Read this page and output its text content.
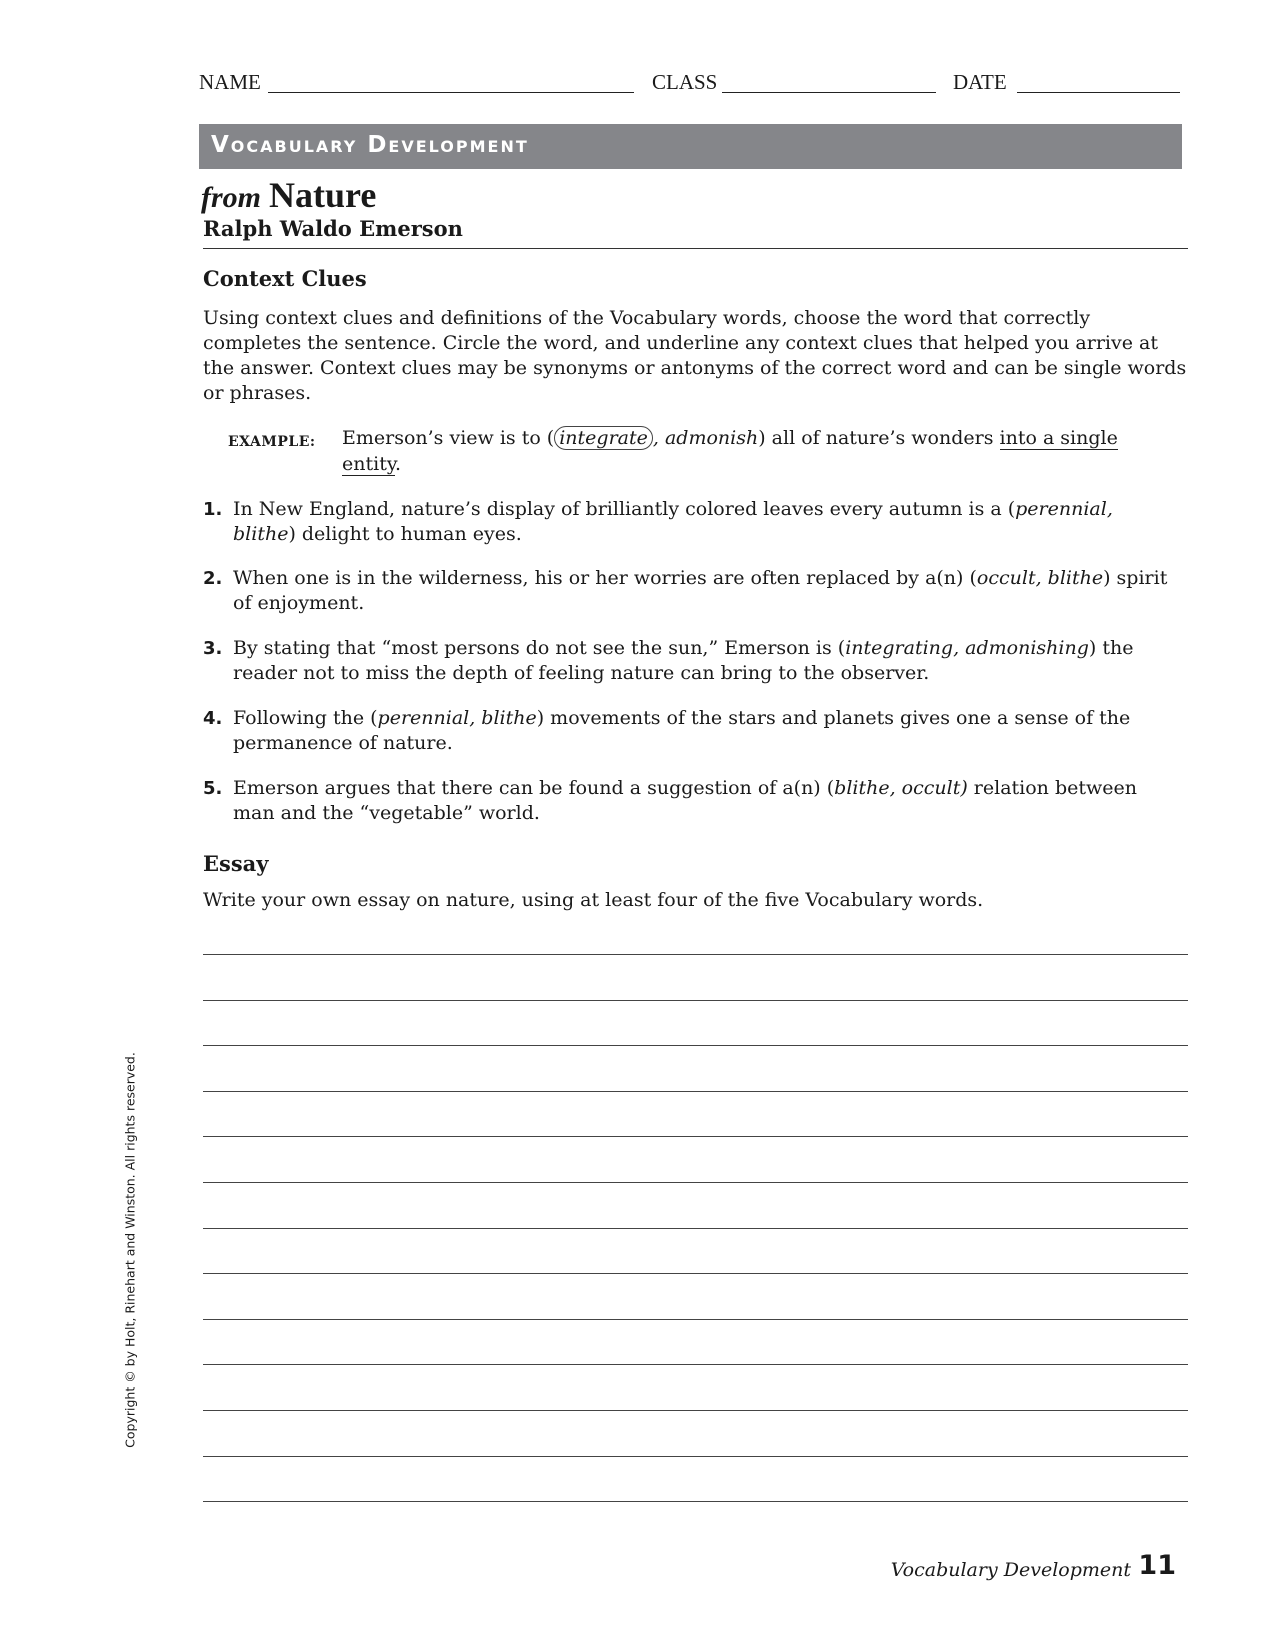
NAME	CLASS	DATE
Vocabulary Development
from Nature
Ralph Waldo Emerson
Context Clues
Using context clues and definitions of the Vocabulary words, choose the word that correctly completes the sentence. Circle the word, and underline any context clues that helped you arrive at the answer. Context clues may be synonyms or antonyms of the correct word and can be single words or phrases.
EXAMPLE: Emerson’s view is to ( integrate , admonish) all of nature’s wonders into a single
entity.
1. In New England, nature’s display of brilliantly colored leaves every autumn is a (perennial, blithe) delight to human eyes.
2. When one is in the wilderness, his or her worries are often replaced by a(n) (occult, blithe) spirit of enjoyment.
3. By stating that “most persons do not see the sun,” Emerson is (integrating, admonishing) the reader not to miss the depth of feeling nature can bring to the observer.
4. Following the (perennial, blithe) movements of the stars and planets gives one a sense of the permanence of nature.
5. Emerson argues that there can be found a suggestion of a(n) (blithe, occult) relation between man and the “vegetable” world.
Essay
Write your own essay on nature, using at least four of the five Vocabulary words.
Copyright © by Holt, Rinehart and Winston. All rights reserved.
Vocabulary Development 11
